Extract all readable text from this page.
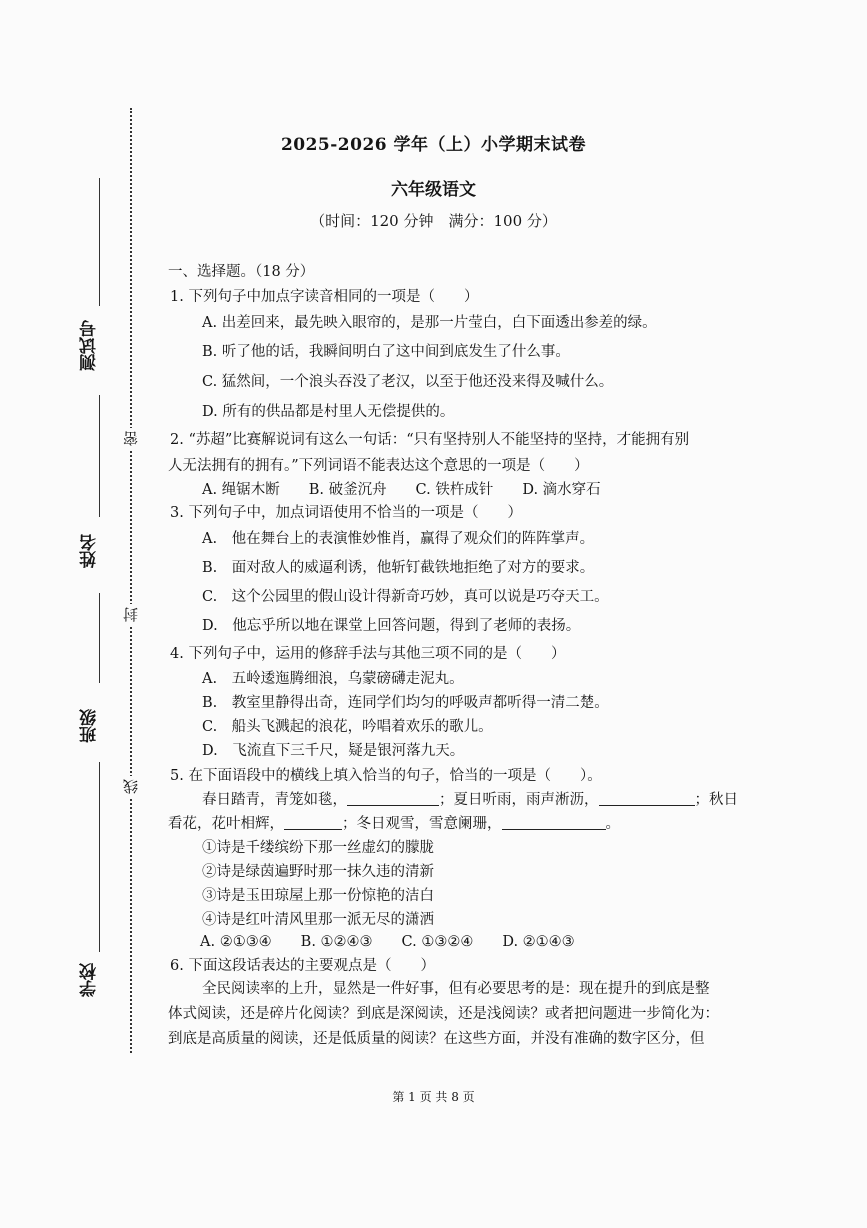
测试号
姓名
班级
学校
密
封
线
2025-2026 学年（上）小学期末试卷
六年级语文
（时间：120 分钟　满分：100 分）
一、选择题。（18 分）
1. 下列句子中加点字读音相同的一项是（　　）
A. 出差回来，最先映入眼帘的，是那一片莹白，白下面透出参差的绿。
B. 听了他的话，我瞬间明白了这中间到底发生了什么事。
C. 猛然间，一个浪头吞没了老汉，以至于他还没来得及喊什么。
D. 所有的供品都是村里人无偿提供的。
2. “苏超”比赛解说词有这么一句话：“只有坚持别人不能坚持的坚持，才能拥有别
人无法拥有的拥有。”下列词语不能表达这个意思的一项是（　　）
A. 绳锯木断　　B. 破釜沉舟　　C. 铁杵成针　　D. 滴水穿石
3. 下列句子中，加点词语使用不恰当的一项是（　　）
A.　他在舞台上的表演惟妙惟肖，赢得了观众们的阵阵掌声。
B.　面对敌人的威逼利诱，他斩钉截铁地拒绝了对方的要求。
C.　这个公园里的假山设计得新奇巧妙，真可以说是巧夺天工。
D.　他忘乎所以地在课堂上回答问题，得到了老师的表扬。
4. 下列句子中，运用的修辞手法与其他三项不同的是（　　）
A.　五岭逶迤腾细浪，乌蒙磅礴走泥丸。
B.　教室里静得出奇，连同学们均匀的呼吸声都听得一清二楚。
C.　船头飞溅起的浪花，吟唱着欢乐的歌儿。
D.　飞流直下三千尺，疑是银河落九天。
5. 在下面语段中的横线上填入恰当的句子，恰当的一项是（　　）。
春日踏青，青笼如毯，	；夏日听雨，雨声淅沥，	；秋日
看花，花叶相辉，	；冬日观雪，雪意阑珊，	。
①诗是千缕缤纷下那一丝虚幻的朦胧
②诗是绿茵遍野时那一抹久违的清新
③诗是玉田琼屋上那一份惊艳的洁白
④诗是红叶清风里那一派无尽的潇洒
A. ②①③④　　B. ①②④③　　C. ①③②④　　D. ②①④③
6. 下面这段话表达的主要观点是（　　）
全民阅读率的上升，显然是一件好事，但有必要思考的是：现在提升的到底是整
体式阅读，还是碎片化阅读？到底是深阅读，还是浅阅读？或者把问题进一步简化为：
到底是高质量的阅读，还是低质量的阅读？在这些方面，并没有准确的数字区分，但
第 1 页 共 8 页
